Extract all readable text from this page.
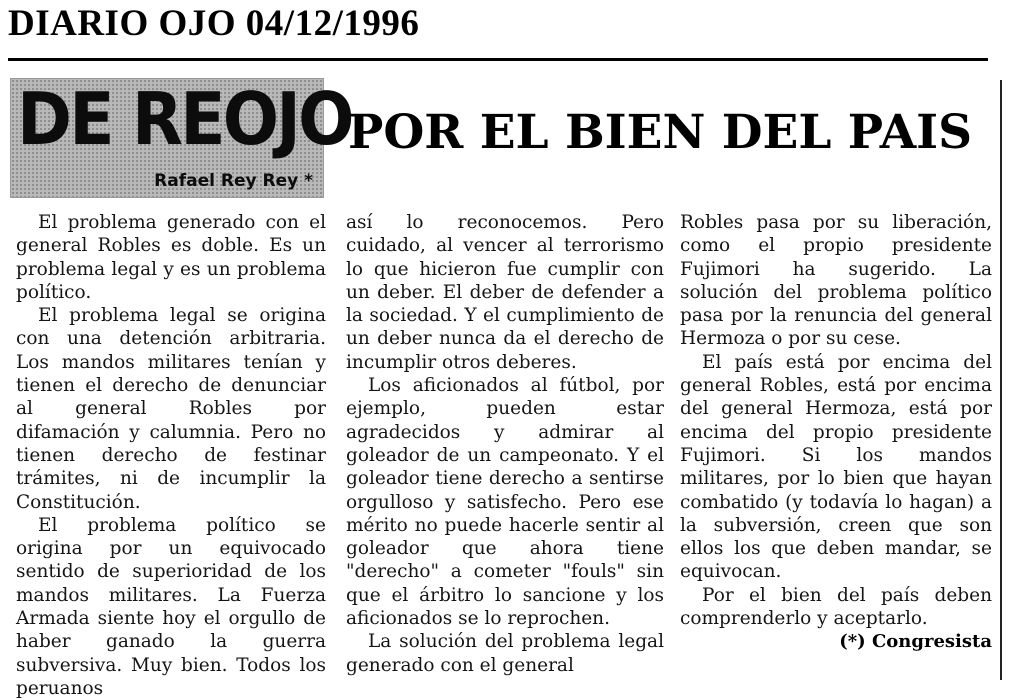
DIARIO OJO 04/12/1996
DE REOJO
Rafael Rey Rey *
POR EL BIEN DEL PAIS

El problema generado con el general Robles es doble. Es un problema legal y es un problema político.

El problema legal se origina con una detención arbitraria. Los mandos militares tenían y tienen el derecho de denunciar al general Robles por difamación y calumnia. Pero no tienen derecho de festinar trámites, ni de incumplir la Constitución.

El problema político se origina por un equivocado sentido de superioridad de los mandos militares. La Fuerza Armada siente hoy el orgullo de haber ganado la guerra subversiva. Muy bien. Todos los peruanos

así lo reconocemos. Pero cuidado, al vencer al terrorismo lo que hicieron fue cumplir con un deber. El deber de defender a la sociedad. Y el cumplimiento de un deber nunca da el derecho de incumplir otros deberes.

Los aficionados al fútbol, por ejemplo, pueden estar agradecidos y admirar al goleador de un campeonato. Y el goleador tiene derecho a sentirse orgulloso y satisfecho. Pero ese mérito no puede hacerle sentir al goleador que ahora tiene "derecho" a cometer "fouls" sin que el árbitro lo sancione y los aficionados se lo reprochen.

La solución del problema legal generado con el general

Robles pasa por su liberación, como el propio presidente Fujimori ha sugerido. La solución del problema político pasa por la renuncia del general Hermoza o por su cese.

El país está por encima del general Robles, está por encima del general Hermoza, está por encima del propio presidente Fujimori. Si los mandos militares, por lo bien que hayan combatido (y todavía lo hagan) a la subversión, creen que son ellos los que deben mandar, se equivocan.

Por el bien del país deben comprenderlo y aceptarlo.

(*) Congresista
